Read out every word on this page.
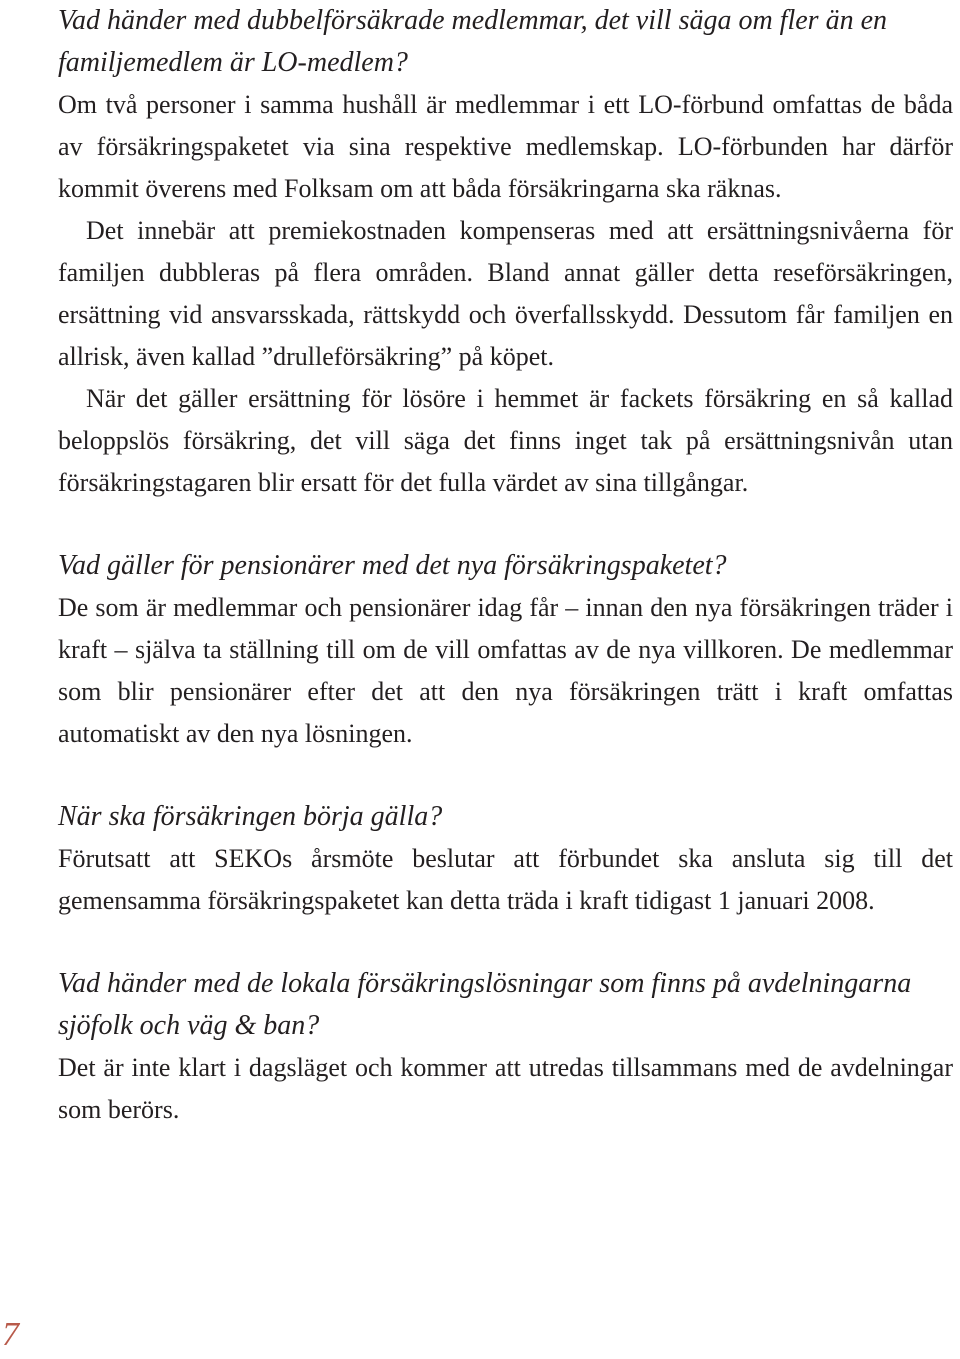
Vad händer med dubbelförsäkrade medlemmar, det vill säga om fler än en familjemedlem är LO-medlem?

Om två personer i samma hushåll är medlemmar i ett LO-förbund omfattas de båda av försäkringspaketet via sina respektive medlemskap. LO-förbunden har därför kommit överens med Folksam om att båda försäkringarna ska räknas.

Det innebär att premiekostnaden kompenseras med att ersättningsnivåerna för familjen dubbleras på flera områden. Bland annat gäller detta reseförsäkringen, ersättning vid ansvarsskada, rättskydd och överfallsskydd. Dessutom får familjen en allrisk, även kallad ”drulleförsäkring” på köpet.

När det gäller ersättning för lösöre i hemmet är fackets försäkring en så kallad beloppslös försäkring, det vill säga det finns inget tak på ersättningsnivån utan försäkringstagaren blir ersatt för det fulla värdet av sina tillgångar.

Vad gäller för pensionärer med det nya försäkringspaketet?

De som är medlemmar och pensionärer idag får – innan den nya försäkringen träder i kraft – själva ta ställning till om de vill omfattas av de nya villkoren. De medlemmar som blir pensionärer efter det att den nya försäkringen trätt i kraft omfattas automatiskt av den nya lösningen.

När ska försäkringen börja gälla?

Förutsatt att SEKOs årsmöte beslutar att förbundet ska ansluta sig till det gemensamma försäkringspaketet kan detta träda i kraft tidigast 1 januari 2008.

Vad händer med de lokala försäkringslösningar som finns på avdelningarna sjöfolk och väg & ban?

Det är inte klart i dagsläget och kommer att utredas tillsammans med de avdelningar som berörs.

7
